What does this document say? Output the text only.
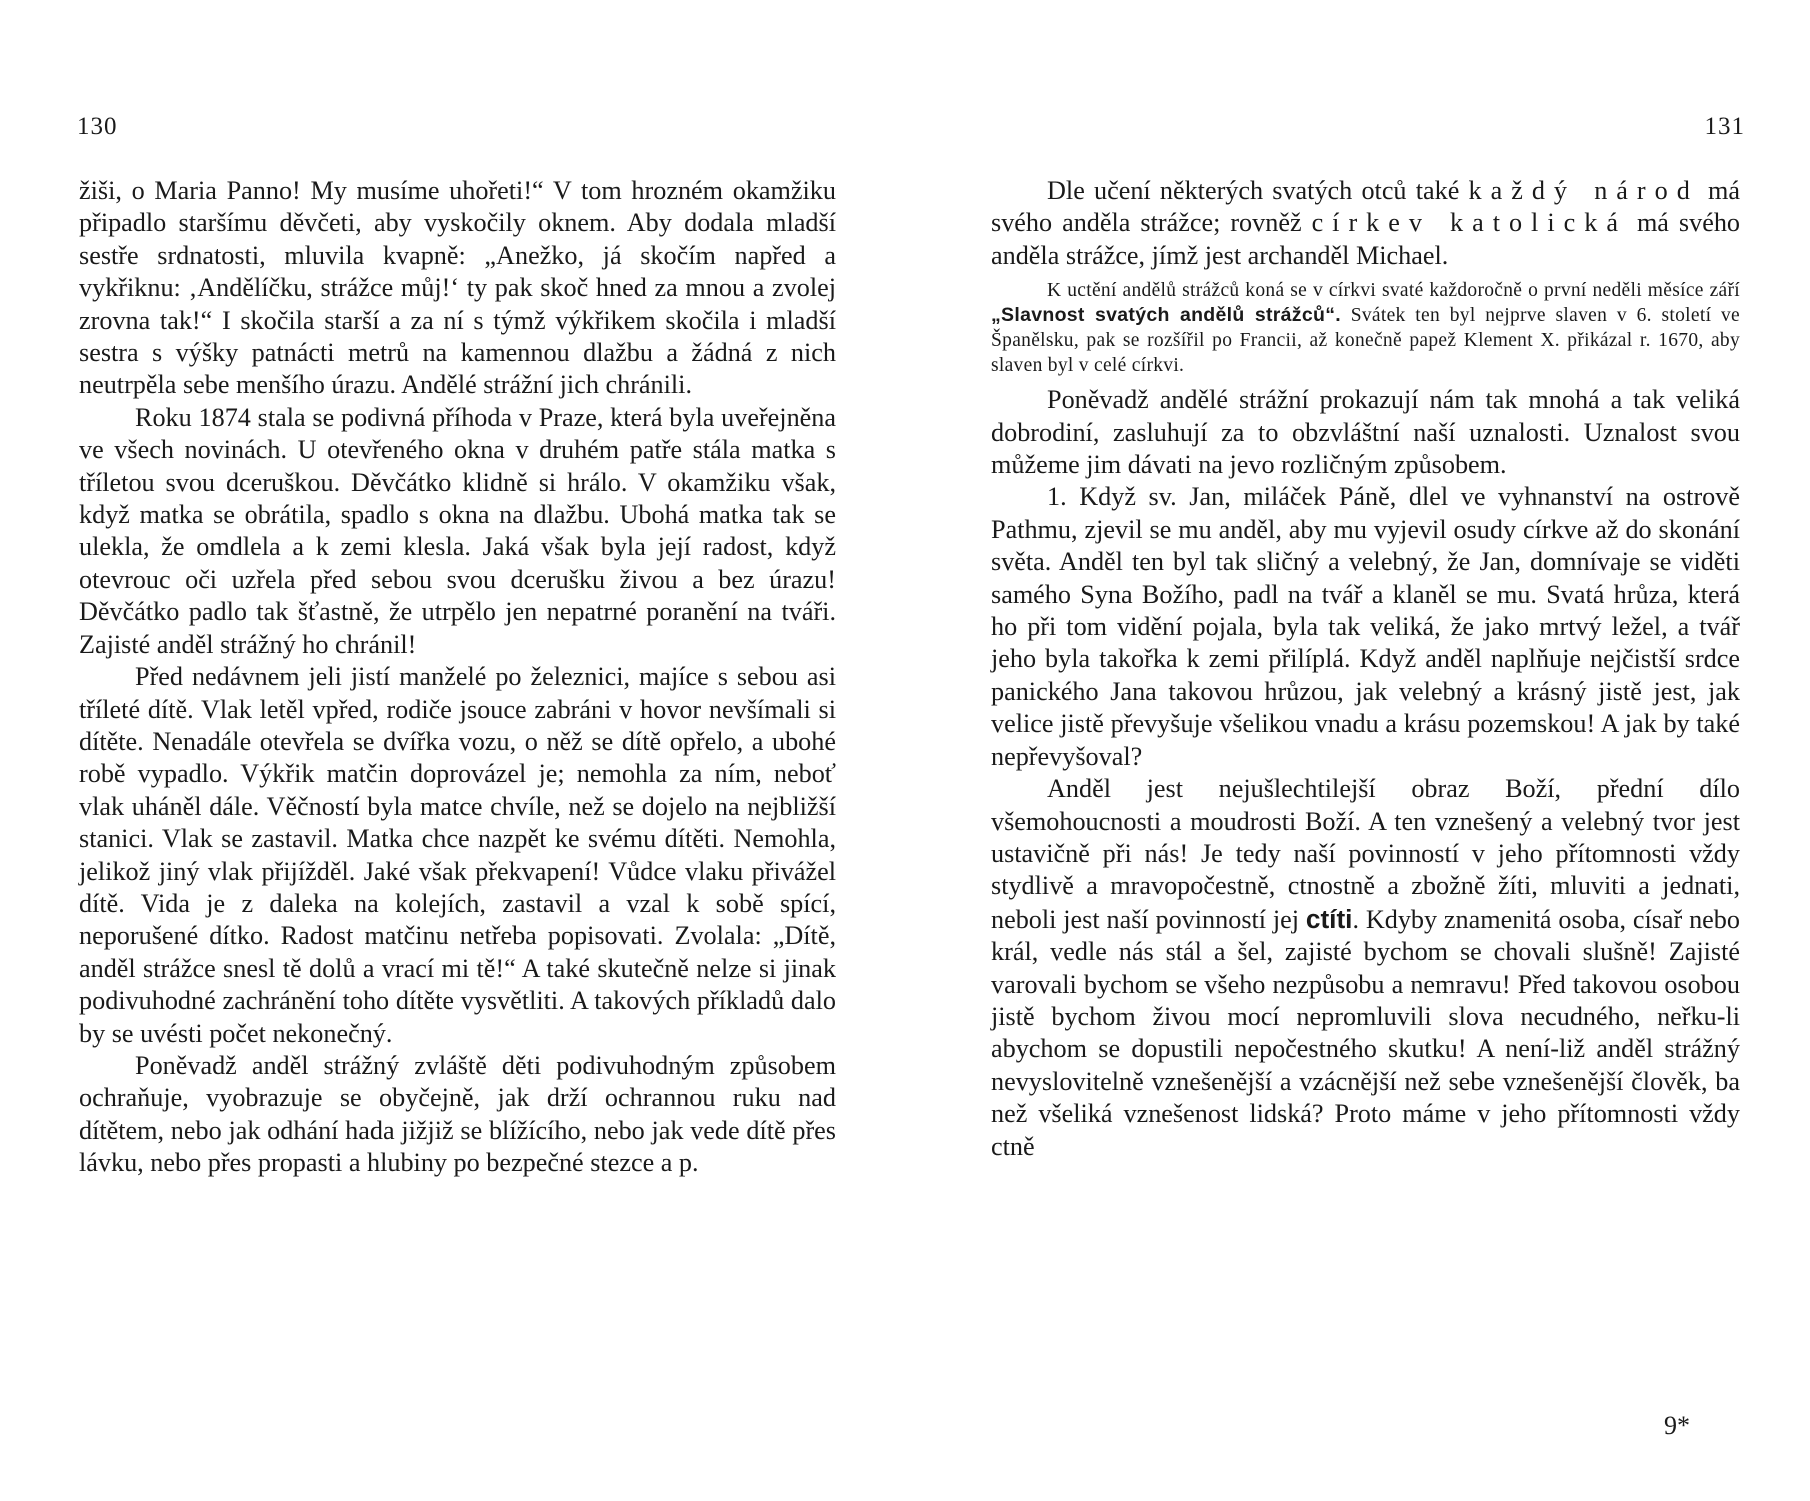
130

žiši, o Maria Panno! My musíme uhořeti!“ V tom hrozném okamžiku připadlo staršímu děvčeti, aby vyskočily oknem. Aby dodala mladší sestře srdnatosti, mluvila kvapně: „Anežko, já skočím napřed a vykřiknu: ‚Andělíčku, strážce můj!‘ ty pak skoč hned za mnou a zvolej zrovna tak!“ I skočila starší a za ní s týmž výkřikem skočila i mladší sestra s výšky patnácti metrů na kamennou dlažbu a žádná z nich neutrpěla sebe menšího úrazu. Andělé strážní jich chránili.

Roku 1874 stala se podivná příhoda v Praze, která byla uveřejněna ve všech novinách. U otevřeného okna v druhém patře stála matka s tříletou svou dceruškou. Děvčátko klidně si hrálo. V okamžiku však, když matka se obrátila, spadlo s okna na dlažbu. Ubohá matka tak se ulekla, že omdlela a k zemi klesla. Jaká však byla její radost, když otevrouc oči uzřela před sebou svou dcerušku živou a bez úrazu! Děvčátko padlo tak šťastně, že utrpělo jen nepatrné poranění na tváři. Zajisté anděl strážný ho chránil!

Před nedávnem jeli jistí manželé po železnici, majíce s sebou asi tříleté dítě. Vlak letěl vpřed, rodiče jsouce zabráni v hovor nevšímali si dítěte. Nenadále otevřela se dvířka vozu, o něž se dítě opřelo, a ubohé robě vypadlo. Výkřik matčin doprovázel je; nemohla za ním, neboť vlak uháněl dále. Věčností byla matce chvíle, než se dojelo na nejbližší stanici. Vlak se zastavil. Matka chce nazpět ke svému dítěti. Nemohla, jelikož jiný vlak přijížděl. Jaké však překvapení! Vůdce vlaku přivážel dítě. Vida je z daleka na kolejích, zastavil a vzal k sobě spící, neporušené dítko. Radost matčinu netřeba popisovati. Zvolala: „Dítě, anděl strážce snesl tě dolů a vrací mi tě!“ A také skutečně nelze si jinak podivuhodné zachránění toho dítěte vysvětliti. A takových příkladů dalo by se uvésti počet nekonečný.

Poněvadž anděl strážný zvláště děti podivuhodným způsobem ochraňuje, vyobrazuje se obyčejně, jak drží ochrannou ruku nad dítětem, nebo jak odhání hada jižjiž se blížícího, nebo jak vede dítě přes lávku, nebo přes propasti a hlubiny po bezpečné stezce a p.

131

Dle učení některých svatých otců také každý národ má svého anděla strážce; rovněž církev katolická má svého anděla strážce, jímž jest archanděl Michael.

K uctění andělů strážců koná se v církvi svaté každoročně o první neděli měsíce září „Slavnost svatých andělů strážců“. Svátek ten byl nejprve slaven v 6. století ve Španělsku, pak se rozšířil po Francii, až konečně papež Klement X. přikázal r. 1670, aby slaven byl v celé církvi.

Poněvadž andělé strážní prokazují nám tak mnohá a tak veliká dobrodiní, zasluhují za to obzvláštní naší uznalosti. Uznalost svou můžeme jim dávati na jevo rozličným způsobem.

1. Když sv. Jan, miláček Páně, dlel ve vyhnanství na ostrově Pathmu, zjevil se mu anděl, aby mu vyjevil osudy církve až do skonání světa. Anděl ten byl tak sličný a velebný, že Jan, domnívaje se viděti samého Syna Božího, padl na tvář a klaněl se mu. Svatá hrůza, která ho při tom vidění pojala, byla tak veliká, že jako mrtvý ležel, a tvář jeho byla takořka k zemi přilíplá. Když anděl naplňuje nejčistší srdce panického Jana takovou hrůzou, jak velebný a krásný jistě jest, jak velice jistě převyšuje všelikou vnadu a krásu pozemskou! A jak by také nepřevyšoval?

Anděl jest nejušlechtilejší obraz Boží, přední dílo všemohoucnosti a moudrosti Boží. A ten vznešený a velebný tvor jest ustavičně při nás! Je tedy naší povinností v jeho přítomnosti vždy stydlivě a mravopočestně, ctnostně a zbožně žíti, mluviti a jednati, neboli jest naší povinností jej ctíti. Kdyby znamenitá osoba, císař nebo král, vedle nás stál a šel, zajisté bychom se chovali slušně! Zajisté varovali bychom se všeho nezpůsobu a nemravu! Před takovou osobou jistě bychom živou mocí nepromluvili slova necudného, neřku-li abychom se dopustili nepočestného skutku! A není-liž anděl strážný nevyslovitelně vznešenější a vzácnější než sebe vznešenější člověk, ba než všeliká vznešenost lidská? Proto máme v jeho přítomnosti vždy ctně

9*
